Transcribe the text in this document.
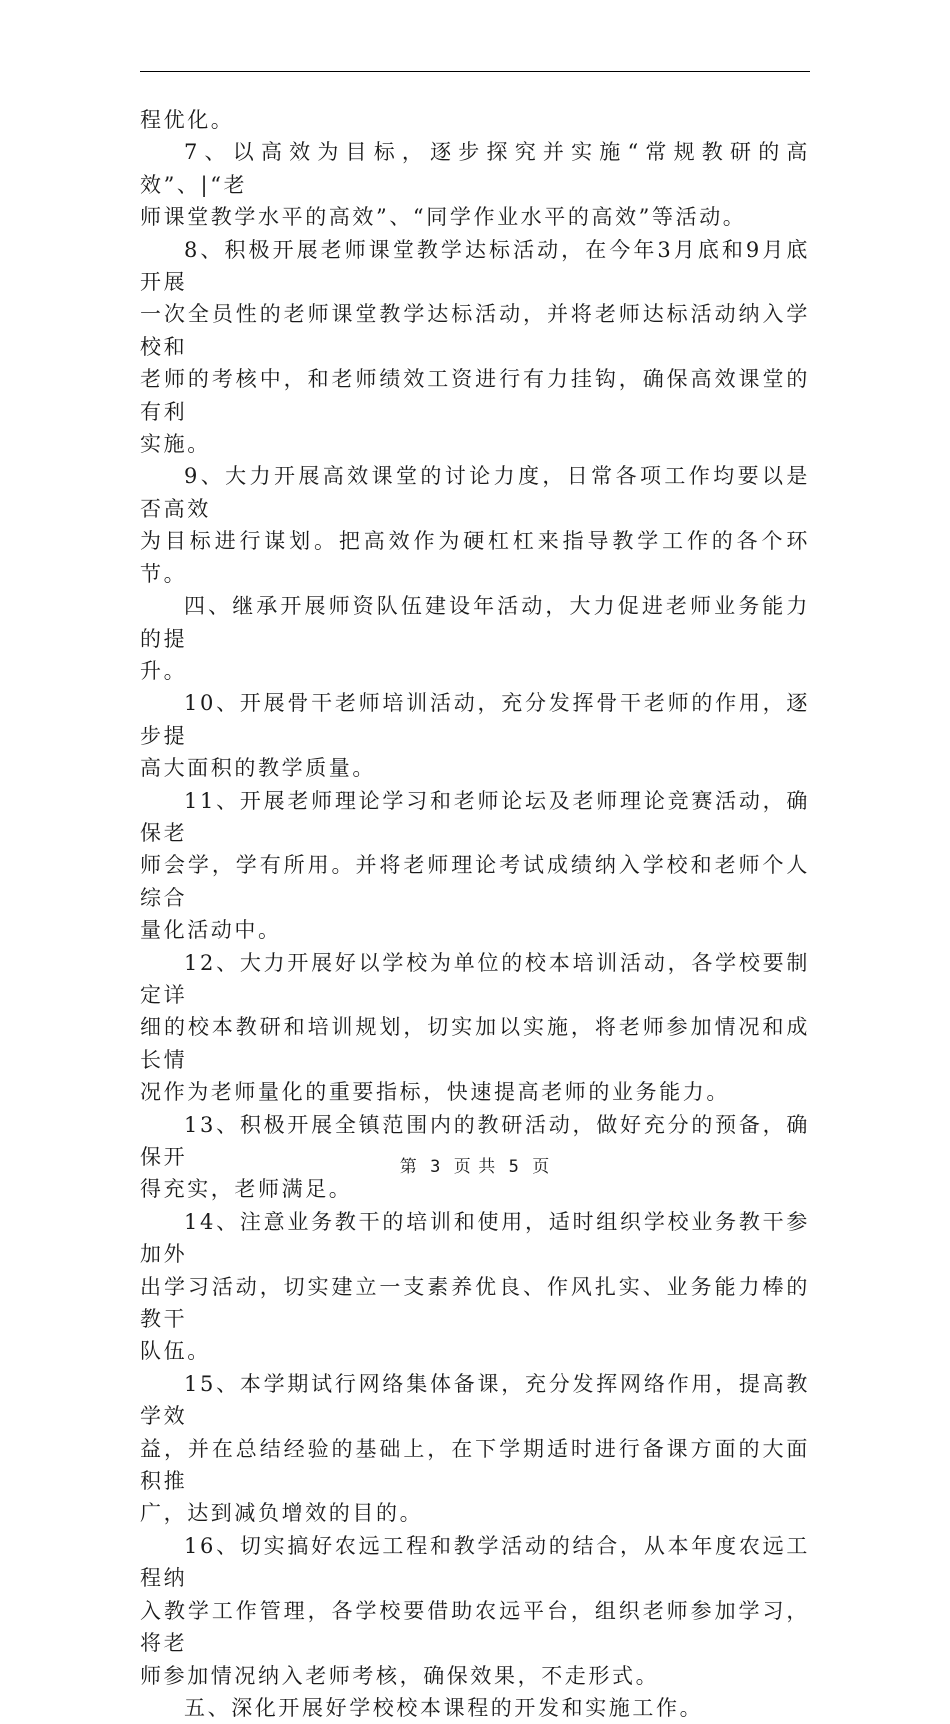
程优化。

7、以高效为目标，逐步探究并实施“常规教研的高效”、|“老
师课堂教学水平的高效”、“同学作业水平的高效”等活动。

8、积极开展老师课堂教学达标活动，在今年3月底和9月底开展
一次全员性的老师课堂教学达标活动，并将老师达标活动纳入学校和
老师的考核中，和老师绩效工资进行有力挂钩，确保高效课堂的有利
实施。

9、大力开展高效课堂的讨论力度，日常各项工作均要以是否高效
为目标进行谋划。把高效作为硬杠杠来指导教学工作的各个环节。

四、继承开展师资队伍建设年活动，大力促进老师业务能力的提
升。

10、开展骨干老师培训活动，充分发挥骨干老师的作用，逐步提
高大面积的教学质量。

11、开展老师理论学习和老师论坛及老师理论竞赛活动，确保老
师会学，学有所用。并将老师理论考试成绩纳入学校和老师个人综合
量化活动中。

12、大力开展好以学校为单位的校本培训活动，各学校要制定详
细的校本教研和培训规划，切实加以实施，将老师参加情况和成长情
况作为老师量化的重要指标，快速提高老师的业务能力。

13、积极开展全镇范围内的教研活动，做好充分的预备，确保开
得充实，老师满足。

14、注意业务教干的培训和使用，适时组织学校业务教干参加外
出学习活动，切实建立一支素养优良、作风扎实、业务能力棒的教干
队伍。

15、本学期试行网络集体备课，充分发挥网络作用，提高教学效
益，并在总结经验的基础上，在下学期适时进行备课方面的大面积推
广，达到减负增效的目的。

16、切实搞好农远工程和教学活动的结合，从本年度农远工程纳
入教学工作管理，各学校要借助农远平台，组织老师参加学习，将老
师参加情况纳入老师考核，确保效果，不走形式。

五、深化开展好学校校本课程的开发和实施工作。

第 3 页 共 5 页
